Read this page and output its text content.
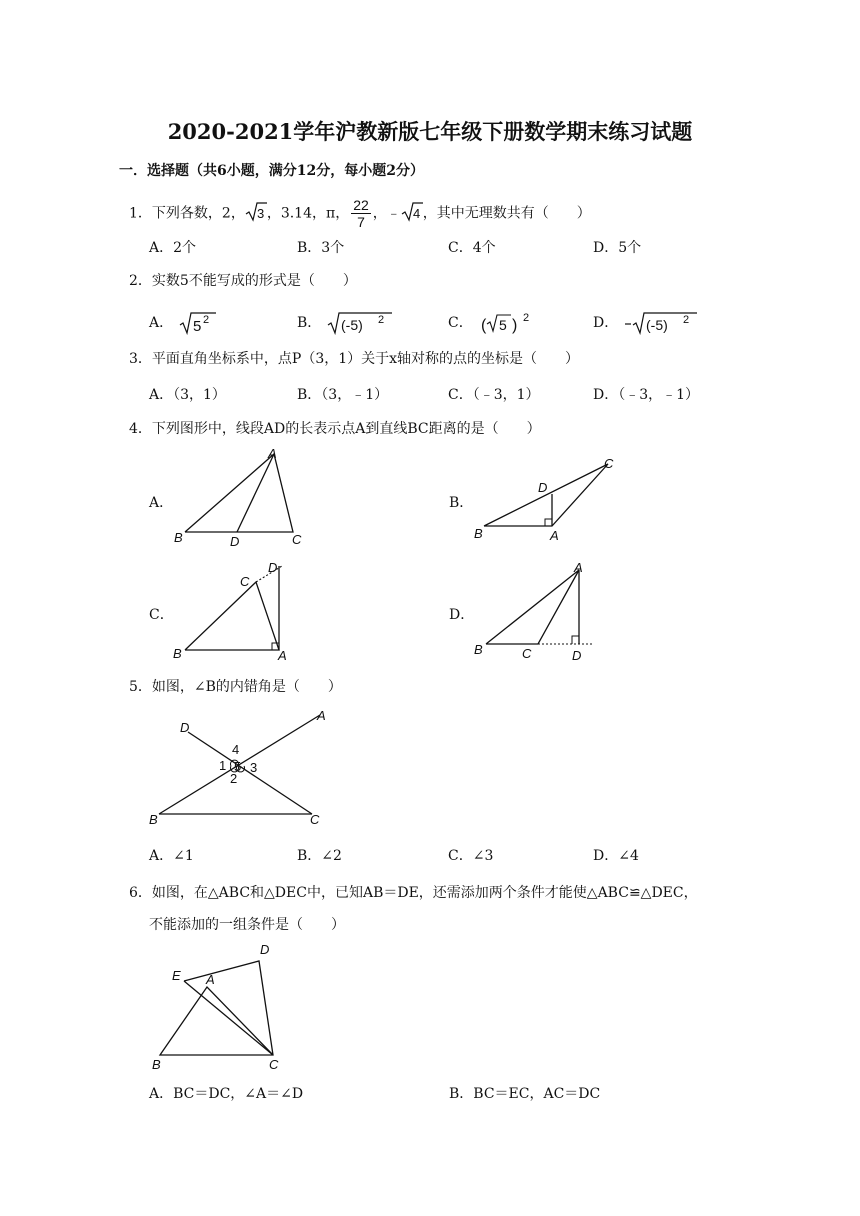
2020-2021学年沪教新版七年级下册数学期末练习试题
一．选择题（共6小题，满分12分，每小题2分）
1．下列各数，2， 3 ，3.14，π， $\frac{22}{7}$ ，﹣ 4 ，其中无理数共有（　　）
A．2个	B．3个	C．4个	D．5个
2．实数5不能写成的形式是（　　）
A． 5 2	B． (-5) 2	C． ( 5 ) 2	D． (-5) 2
3．平面直角坐标系中，点P（3，1）关于x轴对称的点的坐标是（　　）
A．（3，1）	B．（3，﹣1）	C．（﹣3，1）	D．（﹣3，﹣1）
4．下列图形中，线段AD的长表示点A到直线BC距离的是（　　）
A．
A
B	C
D
B．
C
D
B	A
C．
C
D
B	A
D．
A
B	C	D
5．如图，∠B的内错角是（　　）
D
A
B	C
4
1 5 3
2
A．∠1	B．∠2	C．∠3	D．∠4
6．如图，在△ABC和△DEC中，已知AB＝DE，还需添加两个条件才能使△ABC≌△DEC，
不能添加的一组条件是（　　）
D
E A
B	C
A．BC＝DC，∠A＝∠D	B．BC＝EC，AC＝DC
